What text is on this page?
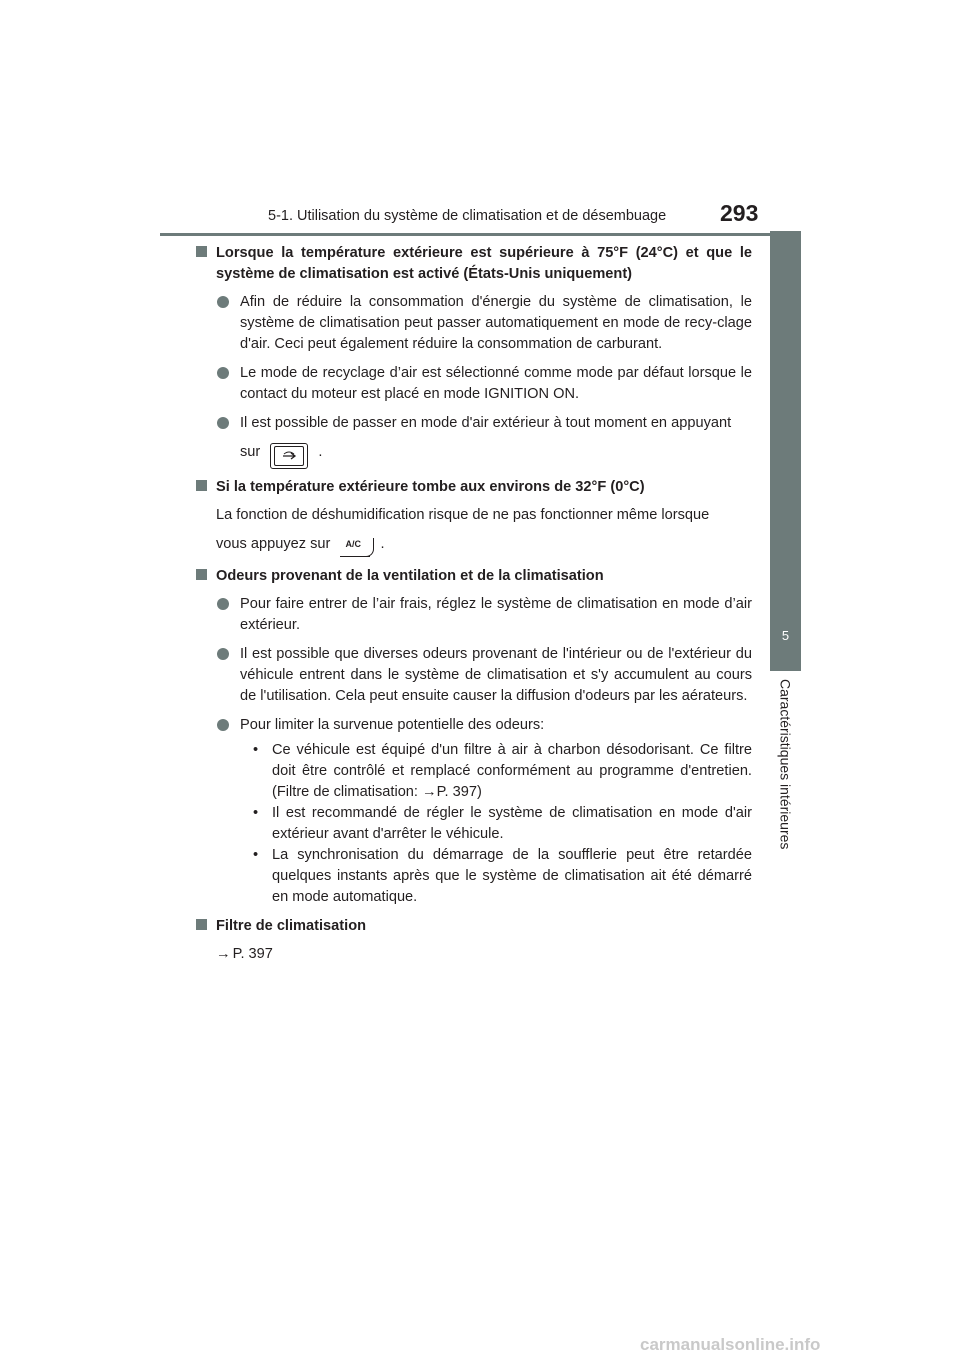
5-1. Utilisation du système de climatisation et de désembuage 293
5
Caractéristiques intérieures
Lorsque la température extérieure est supérieure à 75°F (24°C) et que le système de climatisation est activé (États-Unis uniquement)
Afin de réduire la consommation d'énergie du système de climatisation, le système de climatisation peut passer automatiquement en mode de recy-clage d'air. Ceci peut également réduire la consommation de carburant.
Le mode de recyclage d’air est sélectionné comme mode par défaut lorsque le contact du moteur est placé en mode IGNITION ON.
Il est possible de passer en mode d'air extérieur à tout moment en appuyant
sur	.
Si la température extérieure tombe aux environs de 32°F (0°C)
La fonction de déshumidification risque de ne pas fonctionner même lorsque
vous appuyez sur A/C .
Odeurs provenant de la ventilation et de la climatisation
Pour faire entrer de l’air frais, réglez le système de climatisation en mode d’air extérieur.
Il est possible que diverses odeurs provenant de l'intérieur ou de l'extérieur du véhicule entrent dans le système de climatisation et s'y accumulent au cours de l'utilisation. Cela peut ensuite causer la diffusion d'odeurs par les aérateurs.
Pour limiter la survenue potentielle des odeurs:
• Ce véhicule est équipé d'un filtre à air à charbon désodorisant. Ce filtre doit être contrôlé et remplacé conformément au programme d'entretien. (Filtre de climatisation: →P. 397)
• Il est recommandé de régler le système de climatisation en mode d'air extérieur avant d'arrêter le véhicule.
• La synchronisation du démarrage de la soufflerie peut être retardée quelques instants après que le système de climatisation ait été démarré en mode automatique.
Filtre de climatisation
→ P. 397
carmanualsonline.info
